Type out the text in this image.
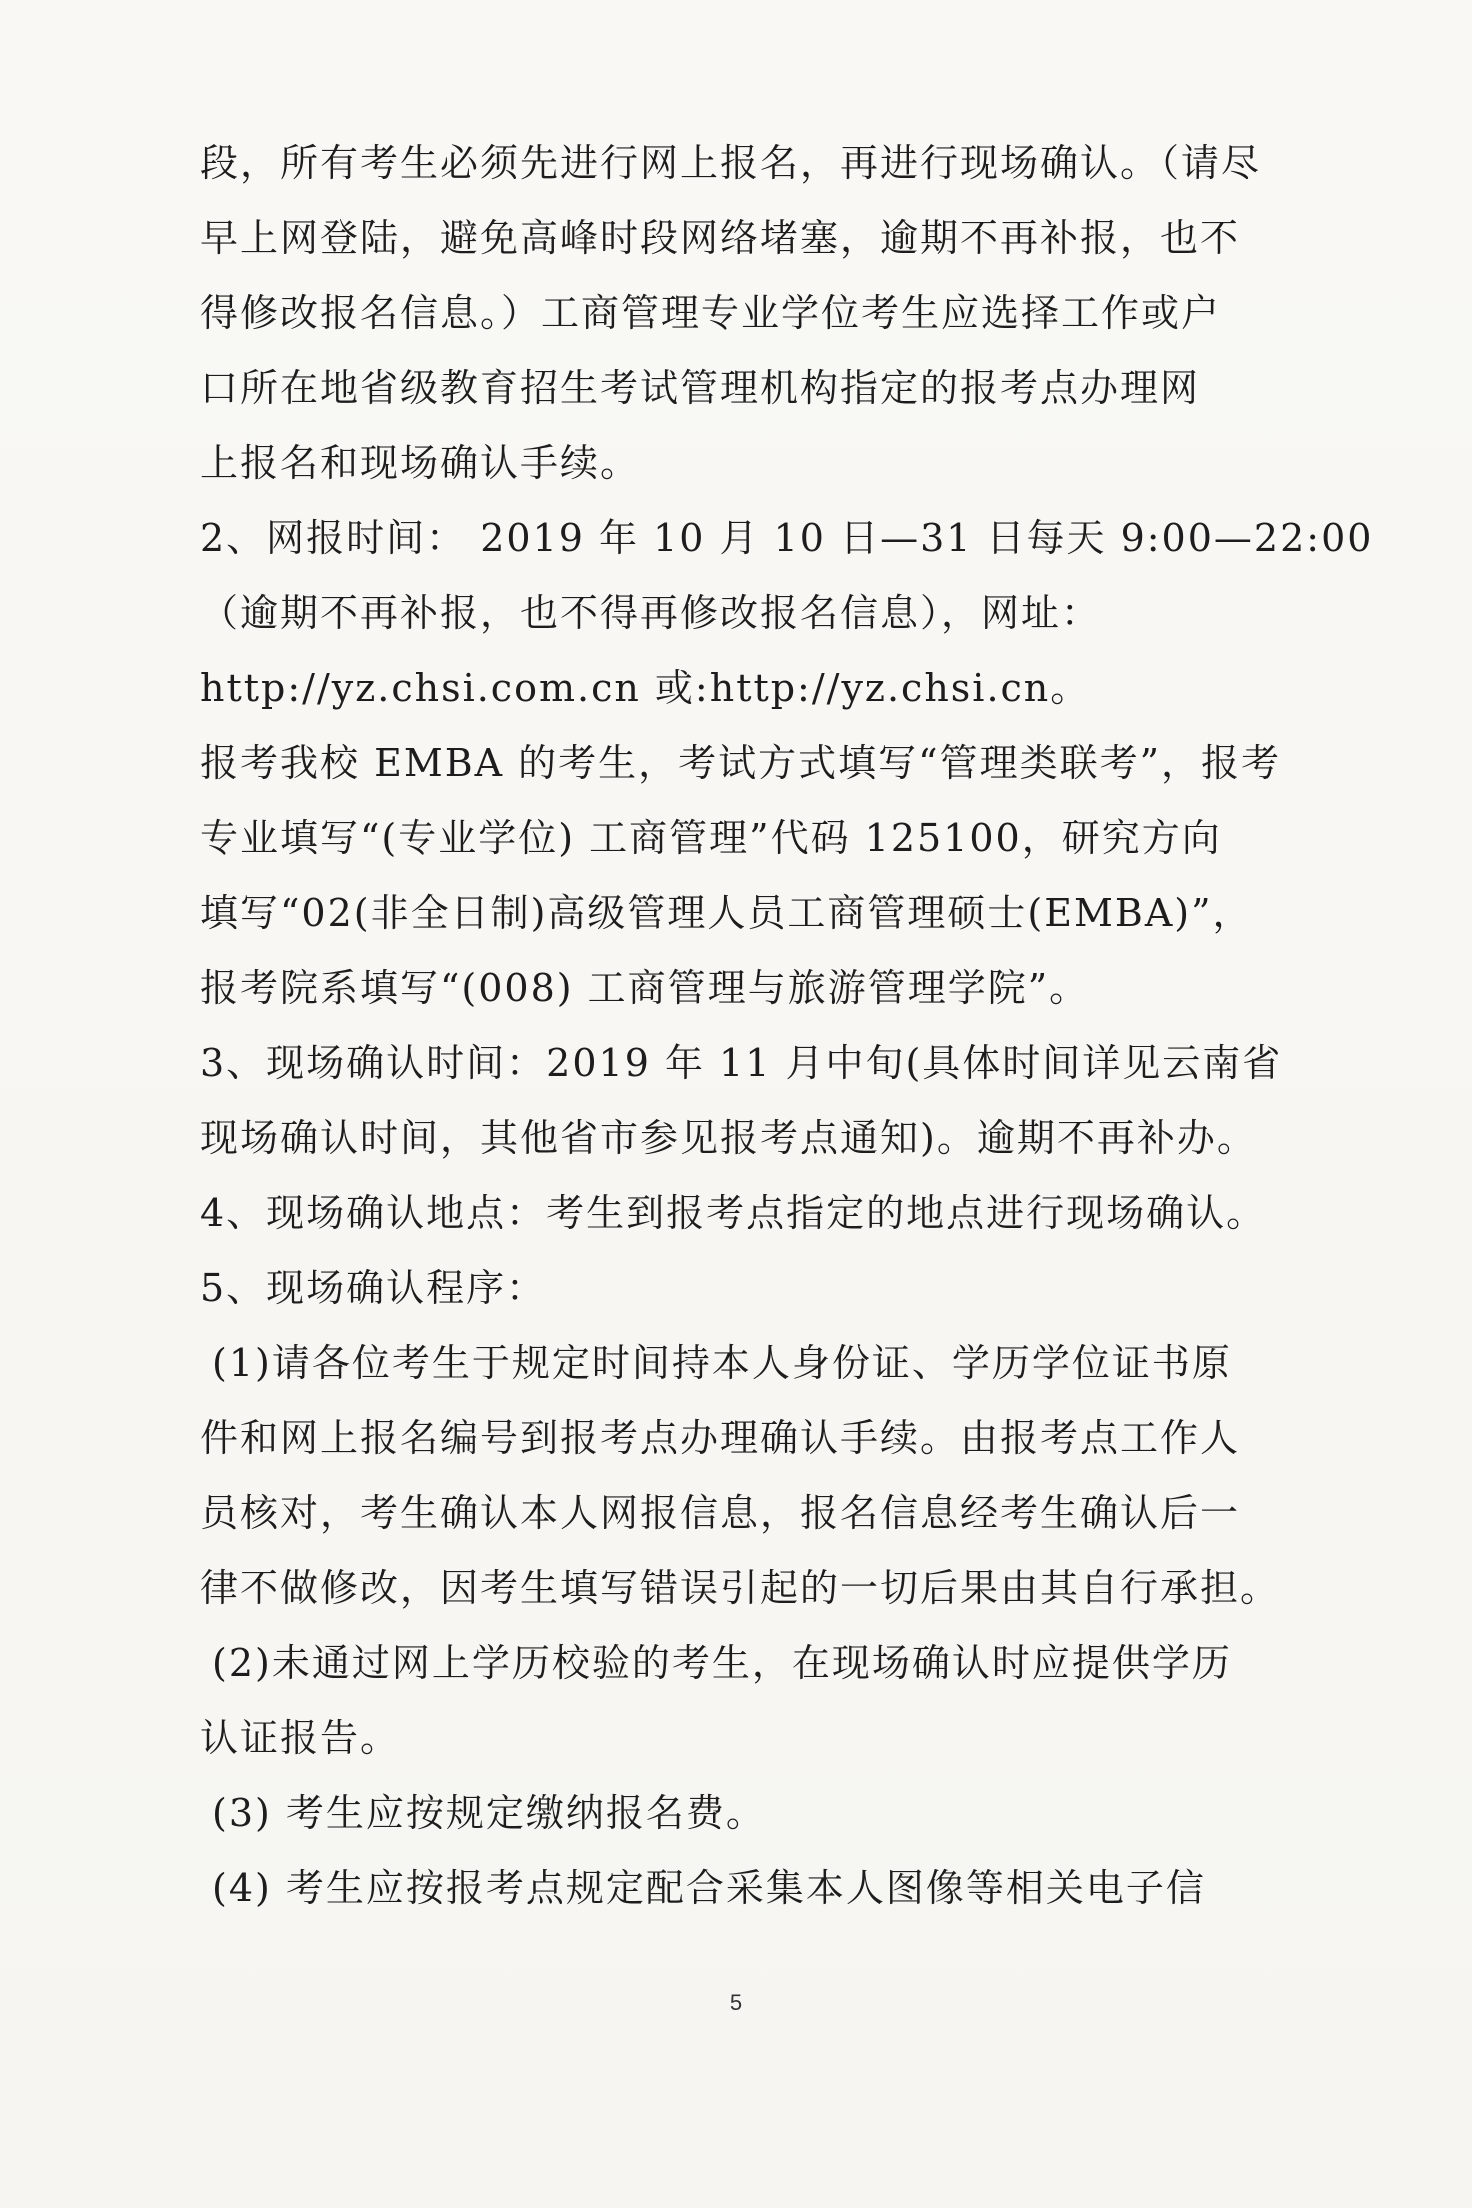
段，所有考生必须先进行网上报名，再进行现场确认。（请尽
早上网登陆，避免高峰时段网络堵塞，逾期不再补报，也不
得修改报名信息。）工商管理专业学位考生应选择工作或户
口所在地省级教育招生考试管理机构指定的报考点办理网
上报名和现场确认手续。
2、网报时间： 2019 年 10 月 10 日—31 日每天 9:00—22:00
（逾期不再补报，也不得再修改报名信息），网址：
http://yz.chsi.com.cn 或:http://yz.chsi.cn。
报考我校 EMBA 的考生，考试方式填写“管理类联考”，报考
专业填写“(专业学位) 工商管理”代码 125100，研究方向
填写“02(非全日制)高级管理人员工商管理硕士(EMBA)”，
报考院系填写“(008) 工商管理与旅游管理学院”。
3、现场确认时间：2019 年 11 月中旬(具体时间详见云南省
现场确认时间，其他省市参见报考点通知)。逾期不再补办。
4、现场确认地点：考生到报考点指定的地点进行现场确认。
5、现场确认程序：
(1)请各位考生于规定时间持本人身份证、学历学位证书原
件和网上报名编号到报考点办理确认手续。由报考点工作人
员核对，考生确认本人网报信息，报名信息经考生确认后一
律不做修改，因考生填写错误引起的一切后果由其自行承担。
(2)未通过网上学历校验的考生，在现场确认时应提供学历
认证报告。
(3) 考生应按规定缴纳报名费。
(4) 考生应按报考点规定配合采集本人图像等相关电子信
5
